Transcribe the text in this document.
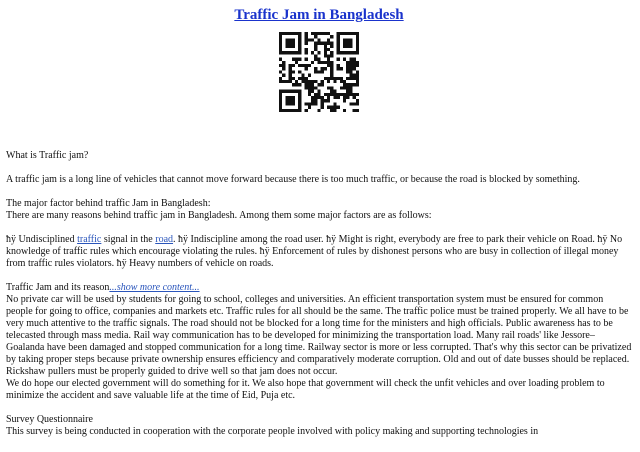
Traffic Jam in Bangladesh

What is Traffic jam?

A traffic jam is a long line of vehicles that cannot move forward because there is too much traffic, or because the road is blocked by something.

The major factor behind traffic Jam in Bangladesh:
There are many reasons behind traffic jam in Bangladesh. Among them some major factors are as follows:

ħÿ Undisciplined traffic signal in the road. ħÿ Indiscipline among the road user. ħÿ Might is right, everybody are free to park their vehicle on Road. ħÿ No knowledge of traffic rules which encourage violating the rules. ħÿ Enforcement of rules by dishonest persons who are busy in collection of illegal money from traffic rules violators. ħÿ Heavy numbers of vehicle on roads.

Traffic Jam and its reason...show more content...
No private car will be used by students for going to school, colleges and universities. An efficient transportation system must be ensured for common people for going to office, companies and markets etc. Traffic rules for all should be the same. The traffic police must be trained properly. We all have to be very much attentive to the traffic signals. The road should not be blocked for a long time for the ministers and high officials. Public awareness has to be telecasted through mass media. Rail way communication has to be developed for minimizing the transportation load. Many rail roads' like Jessore–Goalanda have been damaged and stopped communication for a long time. Railway sector is more or less corrupted. That's why this sector can be privatized by taking proper steps because private ownership ensures efficiency and comparatively moderate corruption. Old and out of date busses should be replaced. Rickshaw pullers must be properly guided to drive well so that jam does not occur.
We do hope our elected government will do something for it. We also hope that government will check the unfit vehicles and over loading problem to minimize the accident and save valuable life at the time of Eid, Puja etc.

Survey Questionnaire
This survey is being conducted in cooperation with the corporate people involved with policy making and supporting technologies in
